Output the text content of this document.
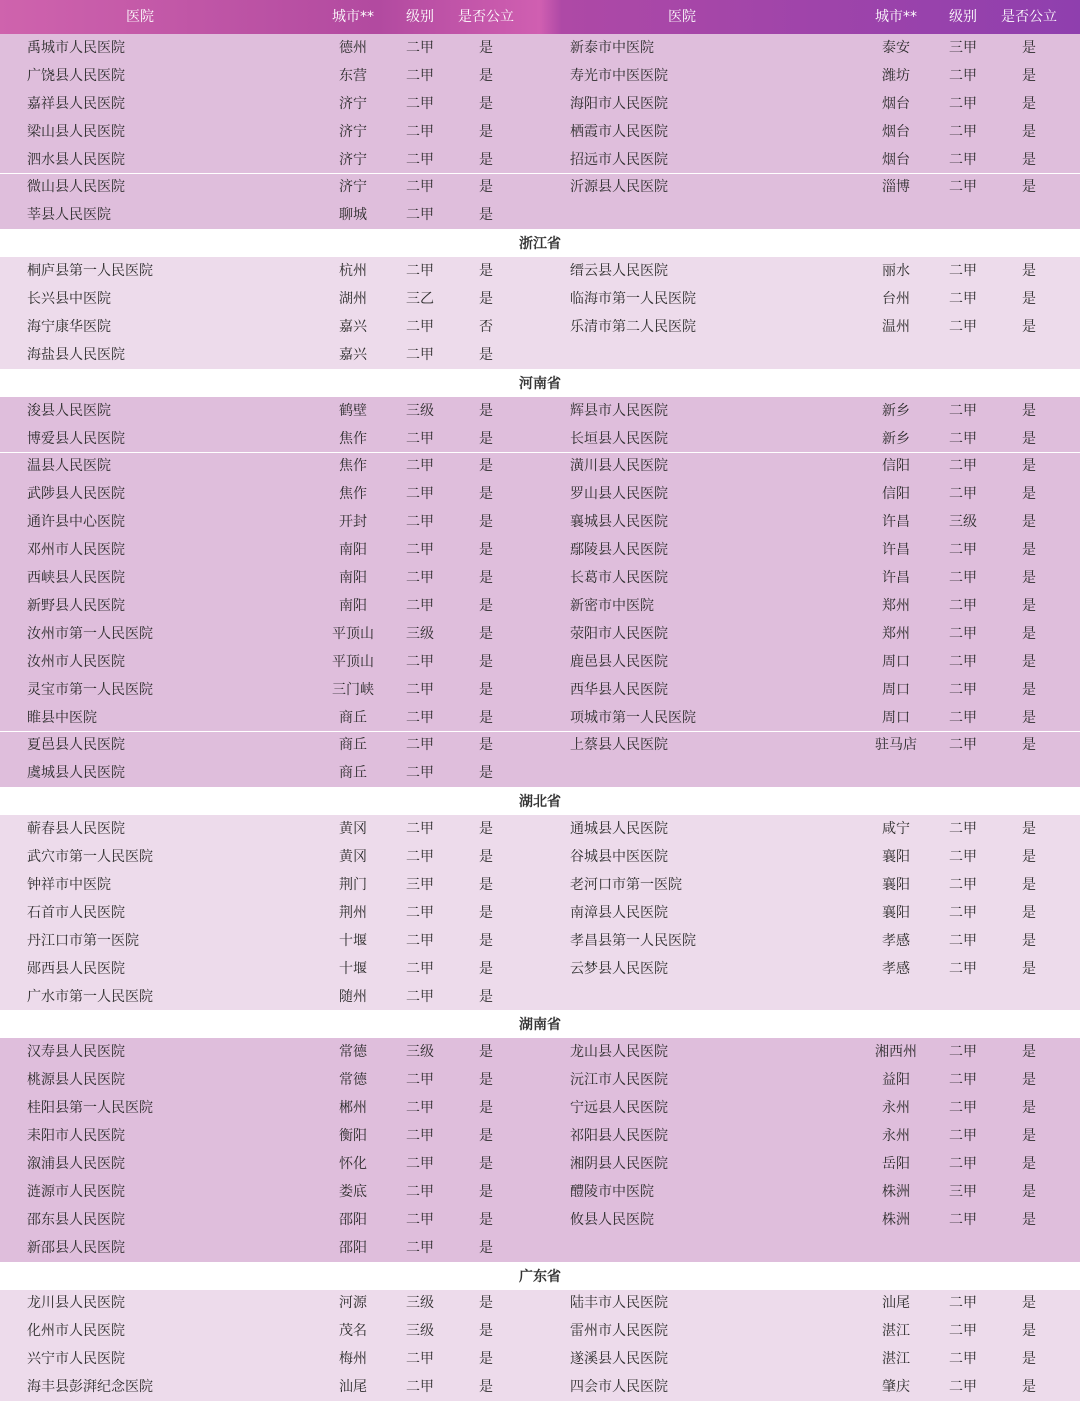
医院	城市**	级别	是否公立	医院	城市**	级别	是否公立
禹城市人民医院	德州	二甲	是	新泰市中医院	泰安	三甲	是
广饶县人民医院	东营	二甲	是	寿光市中医医院	潍坊	二甲	是
嘉祥县人民医院	济宁	二甲	是	海阳市人民医院	烟台	二甲	是
梁山县人民医院	济宁	二甲	是	栖霞市人民医院	烟台	二甲	是
泗水县人民医院	济宁	二甲	是	招远市人民医院	烟台	二甲	是
微山县人民医院	济宁	二甲	是	沂源县人民医院	淄博	二甲	是
莘县人民医院	聊城	二甲	是
浙江省
桐庐县第一人民医院	杭州	二甲	是	缙云县人民医院	丽水	二甲	是
长兴县中医院	湖州	三乙	是	临海市第一人民医院	台州	二甲	是
海宁康华医院	嘉兴	二甲	否	乐清市第二人民医院	温州	二甲	是
海盐县人民医院	嘉兴	二甲	是
河南省
浚县人民医院	鹤壁	三级	是	辉县市人民医院	新乡	二甲	是
博爱县人民医院	焦作	二甲	是	长垣县人民医院	新乡	二甲	是
温县人民医院	焦作	二甲	是	潢川县人民医院	信阳	二甲	是
武陟县人民医院	焦作	二甲	是	罗山县人民医院	信阳	二甲	是
通许县中心医院	开封	二甲	是	襄城县人民医院	许昌	三级	是
邓州市人民医院	南阳	二甲	是	鄢陵县人民医院	许昌	二甲	是
西峡县人民医院	南阳	二甲	是	长葛市人民医院	许昌	二甲	是
新野县人民医院	南阳	二甲	是	新密市中医院	郑州	二甲	是
汝州市第一人民医院	平顶山	三级	是	荥阳市人民医院	郑州	二甲	是
汝州市人民医院	平顶山	二甲	是	鹿邑县人民医院	周口	二甲	是
灵宝市第一人民医院	三门峡	二甲	是	西华县人民医院	周口	二甲	是
睢县中医院	商丘	二甲	是	项城市第一人民医院	周口	二甲	是
夏邑县人民医院	商丘	二甲	是	上蔡县人民医院	驻马店	二甲	是
虞城县人民医院	商丘	二甲	是
湖北省
蕲春县人民医院	黄冈	二甲	是	通城县人民医院	咸宁	二甲	是
武穴市第一人民医院	黄冈	二甲	是	谷城县中医医院	襄阳	二甲	是
钟祥市中医院	荆门	三甲	是	老河口市第一医院	襄阳	二甲	是
石首市人民医院	荆州	二甲	是	南漳县人民医院	襄阳	二甲	是
丹江口市第一医院	十堰	二甲	是	孝昌县第一人民医院	孝感	二甲	是
郧西县人民医院	十堰	二甲	是	云梦县人民医院	孝感	二甲	是
广水市第一人民医院	随州	二甲	是
湖南省
汉寿县人民医院	常德	三级	是	龙山县人民医院	湘西州	二甲	是
桃源县人民医院	常德	二甲	是	沅江市人民医院	益阳	二甲	是
桂阳县第一人民医院	郴州	二甲	是	宁远县人民医院	永州	二甲	是
耒阳市人民医院	衡阳	二甲	是	祁阳县人民医院	永州	二甲	是
溆浦县人民医院	怀化	二甲	是	湘阴县人民医院	岳阳	二甲	是
涟源市人民医院	娄底	二甲	是	醴陵市中医院	株洲	三甲	是
邵东县人民医院	邵阳	二甲	是	攸县人民医院	株洲	二甲	是
新邵县人民医院	邵阳	二甲	是
广东省
龙川县人民医院	河源	三级	是	陆丰市人民医院	汕尾	二甲	是
化州市人民医院	茂名	三级	是	雷州市人民医院	湛江	二甲	是
兴宁市人民医院	梅州	二甲	是	遂溪县人民医院	湛江	二甲	是
海丰县彭湃纪念医院	汕尾	二甲	是	四会市人民医院	肇庆	二甲	是
